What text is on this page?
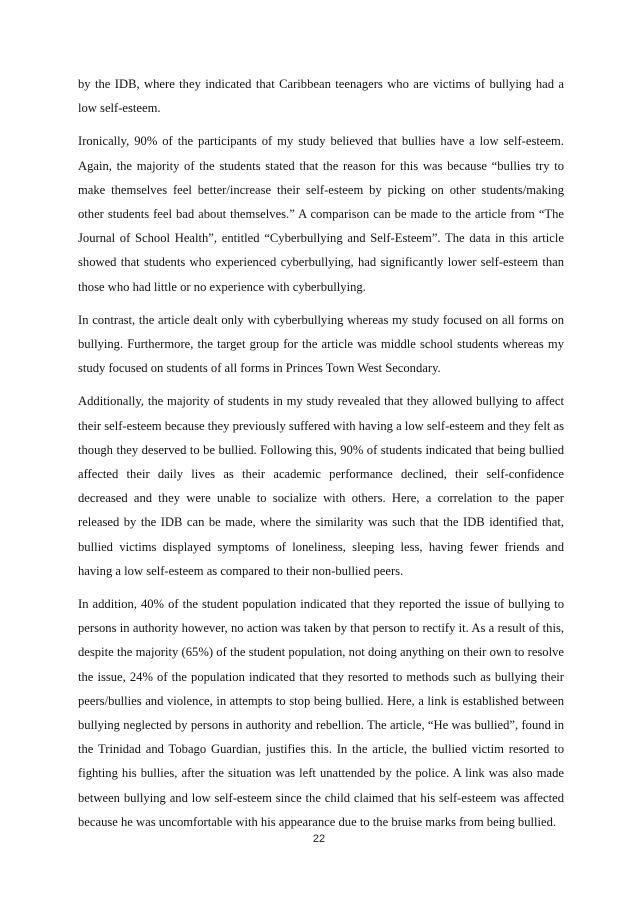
by the IDB, where they indicated that Caribbean teenagers who are victims of bullying had a low self-esteem.

Ironically, 90% of the participants of my study believed that bullies have a low self-esteem. Again, the majority of the students stated that the reason for this was because “bullies try to make themselves feel better/increase their self-esteem by picking on other students/making other students feel bad about themselves.” A comparison can be made to the article from “The Journal of School Health”, entitled “Cyberbullying and Self-Esteem”. The data in this article showed that students who experienced cyberbullying, had significantly lower self-esteem than those who had little or no experience with cyberbullying.

In contrast, the article dealt only with cyberbullying whereas my study focused on all forms on bullying. Furthermore, the target group for the article was middle school students whereas my study focused on students of all forms in Princes Town West Secondary.

Additionally, the majority of students in my study revealed that they allowed bullying to affect their self-esteem because they previously suffered with having a low self-esteem and they felt as though they deserved to be bullied. Following this, 90% of students indicated that being bullied affected their daily lives as their academic performance declined, their self-confidence decreased and they were unable to socialize with others. Here, a correlation to the paper released by the IDB can be made, where the similarity was such that the IDB identified that, bullied victims displayed symptoms of loneliness, sleeping less, having fewer friends and having a low self-esteem as compared to their non-bullied peers.

In addition, 40% of the student population indicated that they reported the issue of bullying to persons in authority however, no action was taken by that person to rectify it. As a result of this, despite the majority (65%) of the student population, not doing anything on their own to resolve the issue, 24% of the population indicated that they resorted to methods such as bullying their peers/bullies and violence, in attempts to stop being bullied. Here, a link is established between bullying neglected by persons in authority and rebellion. The article, “He was bullied”, found in the Trinidad and Tobago Guardian, justifies this. In the article, the bullied victim resorted to fighting his bullies, after the situation was left unattended by the police. A link was also made between bullying and low self-esteem since the child claimed that his self-esteem was affected because he was uncomfortable with his appearance due to the bruise marks from being bullied.

22
